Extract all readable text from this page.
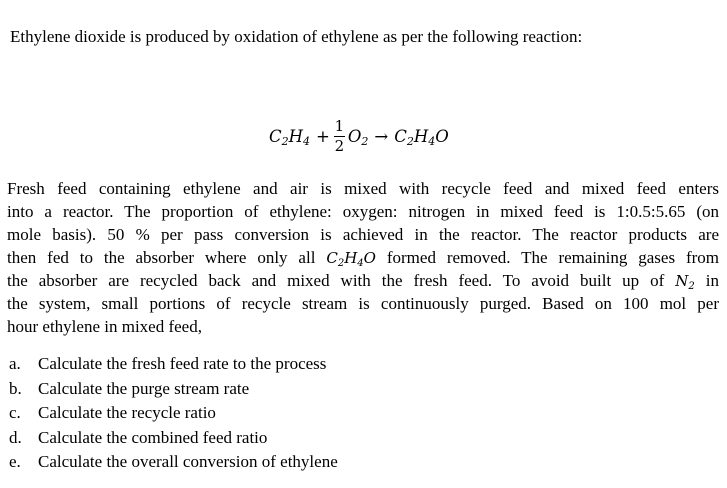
Ethylene dioxide is produced by oxidation of ethylene as per the following reaction:
$C_2H_4 + \frac{1}{2} O_2 \to C_2H_4O$
Fresh feed containing ethylene and air is mixed with recycle feed and mixed feed enters
into a reactor. The proportion of ethylene: oxygen: nitrogen in mixed feed is 1:0.5:5.65 (on
mole basis). 50 % per pass conversion is achieved in the reactor. The reactor products are
then fed to the absorber where only all $C_2H_4O$ formed removed. The remaining gases from
the absorber are recycled back and mixed with the fresh feed. To avoid built up of $N_2$ in
the system, small portions of recycle stream is continuously purged. Based on 100 mol per
hour ethylene in mixed feed,
a.	Calculate the fresh feed rate to the process
b. Calculate the purge stream rate
c.	Calculate the recycle ratio
d. Calculate the combined feed ratio
e.	Calculate the overall conversion of ethylene
